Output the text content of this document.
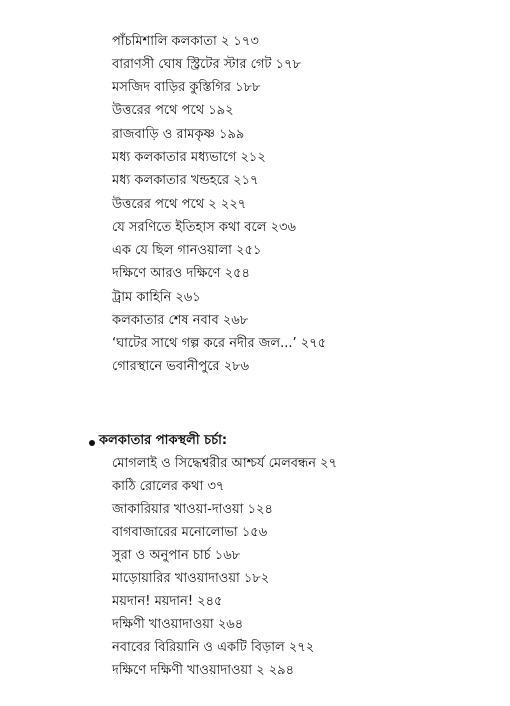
পাঁচমিশালি কলকাতা ২ ১৭৩
বারাণসী ঘোষ স্ট্রিটের স্টার গেট ১৭৮
মসজিদ বাড়ির কুস্তিগির ১৮৮
উত্তরের পথে পথে ১৯২
রাজবাড়ি ও রামকৃষ্ণ ১৯৯
মধ্য কলকাতার মধ্যভাগে ২১২
মধ্য কলকাতার খন্ডহরে ২১৭
উত্তরের পথে পথে ২ ২২৭
যে সরণিতে ইতিহাস কথা বলে ২৩৬
এক যে ছিল গানওয়ালা ২৫১
দক্ষিণে আরও দক্ষিণে ২৫৪
ট্রাম কাহিনি ২৬১
কলকাতার শেষ নবাব ২৬৮
‘ঘাটের সাথে গল্প করে নদীর জল...’ ২৭৫
গোরস্থানে ভবানীপুরে ২৮৬
কলকাতার পাকস্থলী চর্চা:
মোগলাই ও সিদ্ধেশ্বরীর আশ্চর্য মেলবন্ধন ২৭
কাঠি রোলের কথা ৩৭
জাকারিয়ার খাওয়া-দাওয়া ১২৪
বাগবাজারের মনোলোভা ১৫৬
সুরা ও অনুপান চার্চ ১৬৮
মাড়োয়ারির খাওয়াদাওয়া ১৮২
ময়দান! ময়দান! ২৪৫
দক্ষিণী খাওয়াদাওয়া ২৬৪
নবাবের বিরিয়ানি ও একটি বিড়াল ২৭২
দক্ষিণে দক্ষিণী খাওয়াদাওয়া ২ ২৯৪
